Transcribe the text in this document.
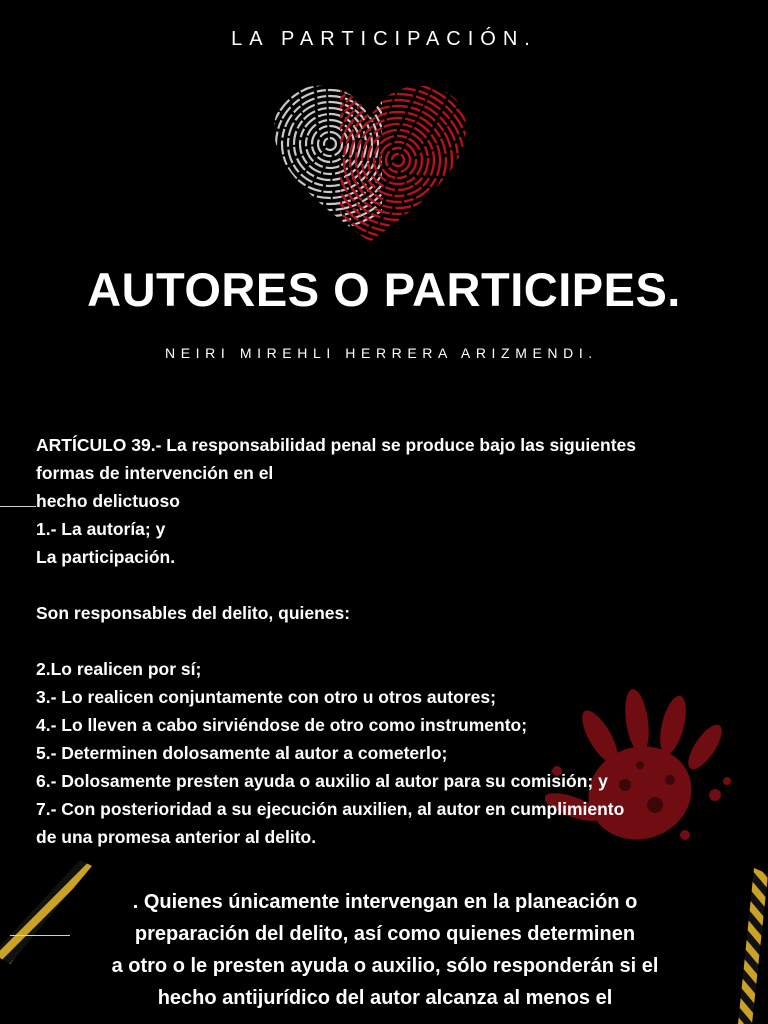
LA PARTICIPACIÓN.
AUTORES O PARTICIPES.
NEIRI MIREHLI HERRERA ARIZMENDI.

ARTÍCULO 39.- La responsabilidad penal se produce bajo las siguientes

formas de intervención en el

hecho delictuoso

1.- La autoría; y

La participación.

Son responsables del delito, quienes:

2.Lo realicen por sí;

3.- Lo realicen conjuntamente con otro u otros autores;

4.- Lo lleven a cabo sirviéndose de otro como instrumento;

5.- Determinen dolosamente al autor a cometerlo;

6.- Dolosamente presten ayuda o auxilio al autor para su comisión; y

7.- Con posterioridad a su ejecución auxilien, al autor en cumplimiento

de una promesa anterior al delito.

. Quienes únicamente intervengan en la planeación o

preparación del delito, así como quienes determinen

a otro o le presten ayuda o auxilio, sólo responderán si el

hecho antijurídico del autor alcanza al menos el
